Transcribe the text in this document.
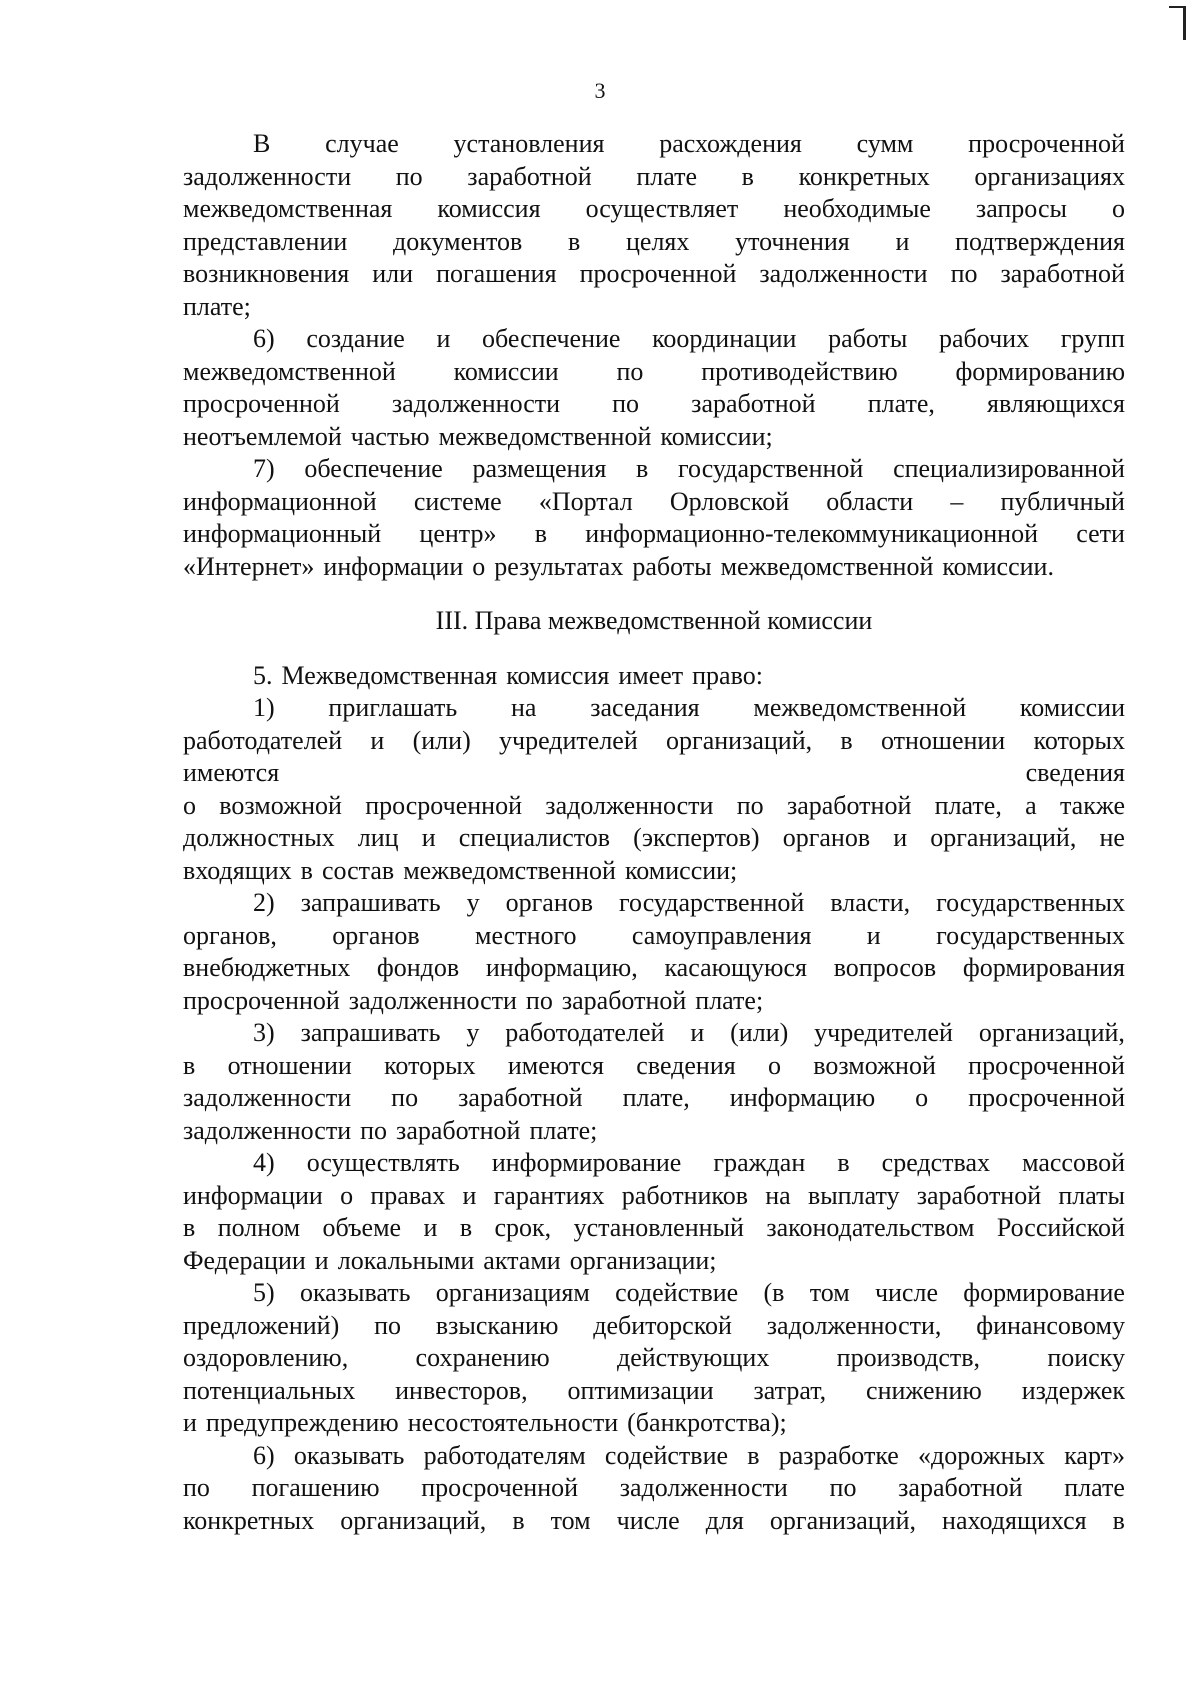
3
В случае установления расхождения сумм просроченной
задолженности по заработной плате в конкретных организациях
межведомственная комиссия осуществляет необходимые запросы о
представлении документов в целях уточнения и подтверждения
возникновения или погашения просроченной задолженности по заработной
плате;
6) создание и обеспечение координации работы рабочих групп
межведомственной комиссии по противодействию формированию
просроченной задолженности по заработной плате, являющихся
неотъемлемой частью межведомственной комиссии;
7) обеспечение размещения в государственной специализированной
информационной системе «Портал Орловской области – публичный
информационный центр» в информационно-телекоммуникационной сети
«Интернет» информации о результатах работы межведомственной комиссии.
III. Права межведомственной комиссии
5. Межведомственная комиссия имеет право:
1) приглашать на заседания межведомственной комиссии
работодателей и (или) учредителей организаций, в отношении которых
имеются	сведения
о возможной просроченной задолженности по заработной плате, а также
должностных лиц и специалистов (экспертов) органов и организаций, не
входящих в состав межведомственной комиссии;
2) запрашивать у органов государственной власти, государственных
органов, органов местного самоуправления и государственных
внебюджетных фондов информацию, касающуюся вопросов формирования
просроченной задолженности по заработной плате;
3) запрашивать у работодателей и (или) учредителей организаций,
в отношении которых имеются сведения о возможной просроченной
задолженности по заработной плате, информацию о просроченной
задолженности по заработной плате;
4) осуществлять информирование граждан в средствах массовой
информации о правах и гарантиях работников на выплату заработной платы
в полном объеме и в срок, установленный законодательством Российской
Федерации и локальными актами организации;
5) оказывать организациям содействие (в том числе формирование
предложений) по взысканию дебиторской задолженности, финансовому
оздоровлению,	сохранению	действующих	производств,	поиску
потенциальных инвесторов, оптимизации затрат, снижению издержек
и предупреждению несостоятельности (банкротства);
6) оказывать работодателям содействие в разработке «дорожных карт»
по погашению просроченной задолженности по заработной плате
конкретных организаций, в том числе для организаций, находящихся в
